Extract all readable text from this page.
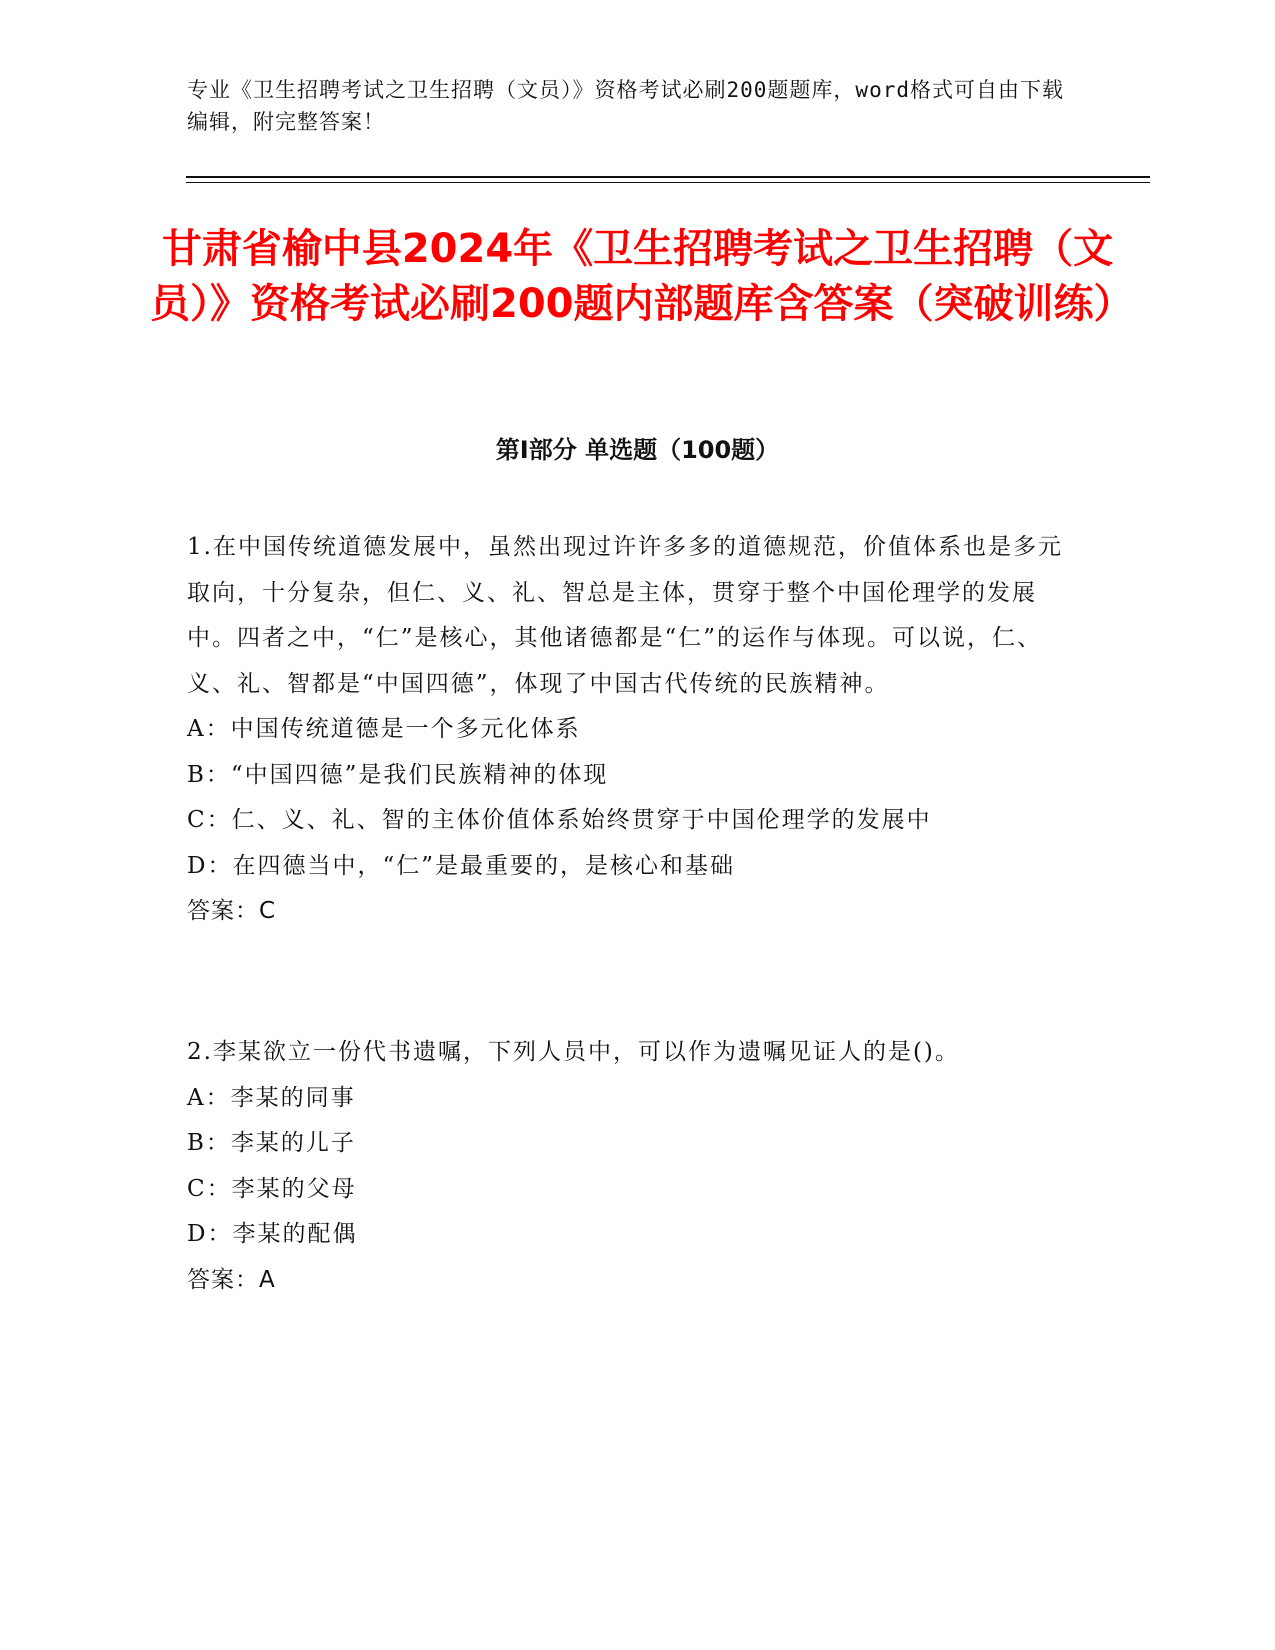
专业《卫生招聘考试之卫生招聘（文员）》资格考试必刷200题题库，word格式可自由下载编辑，附完整答案！
甘肃省榆中县2024年《卫生招聘考试之卫生招聘（文员）》资格考试必刷200题内部题库含答案（突破训练）
第Ⅰ部分 单选题（100题）

1.在中国传统道德发展中，虽然出现过许许多多的道德规范，价值体系也是多元取向，十分复杂，但仁、义、礼、智总是主体，贯穿于整个中国伦理学的发展中。四者之中，“仁”是核心，其他诸德都是“仁”的运作与体现。可以说，仁、义、礼、智都是“中国四德”，体现了中国古代传统的民族精神。

A：中国传统道德是一个多元化体系

B：“中国四德”是我们民族精神的体现

C：仁、义、礼、智的主体价值体系始终贯穿于中国伦理学的发展中

D：在四德当中，“仁”是最重要的，是核心和基础

答案：C

2.李某欲立一份代书遗嘱，下列人员中，可以作为遗嘱见证人的是()。

A：李某的同事

B：李某的儿子

C：李某的父母

D：李某的配偶

答案：A
